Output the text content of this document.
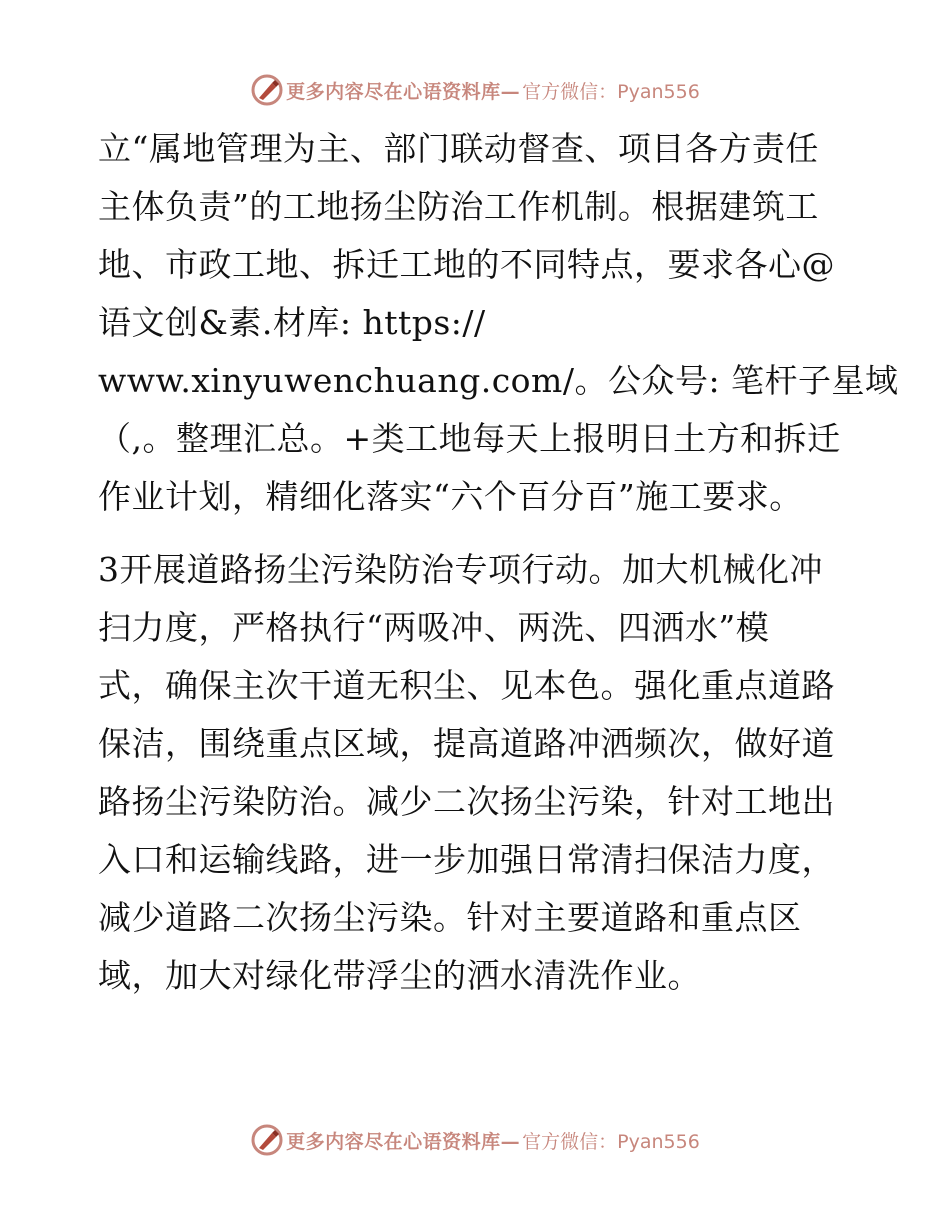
更多内容尽在心语资料库— 官方微信：Pyan556
立“属地管理为主、部门联动督查、项目各方责任
主体负责”的工地扬尘防治工作机制。根据建筑工
地、市政工地、拆迁工地的不同特点，要求各心@
语文创&素.材库: https://
www.xinyuwenchuang.com/。公众号: 笔杆子星域
（,。整理汇总。+类工地每天上报明日土方和拆迁
作业计划，精细化落实“六个百分百”施工要求。
3开展道路扬尘污染防治专项行动。加大机械化冲
扫力度，严格执行“两吸冲、两洗、四洒水”模
式，确保主次干道无积尘、见本色。强化重点道路
保洁，围绕重点区域，提高道路冲洒频次，做好道
路扬尘污染防治。减少二次扬尘污染，针对工地出
入口和运输线路，进一步加强日常清扫保洁力度，
减少道路二次扬尘污染。针对主要道路和重点区
域，加大对绿化带浮尘的洒水清洗作业。
更多内容尽在心语资料库— 官方微信：Pyan556
